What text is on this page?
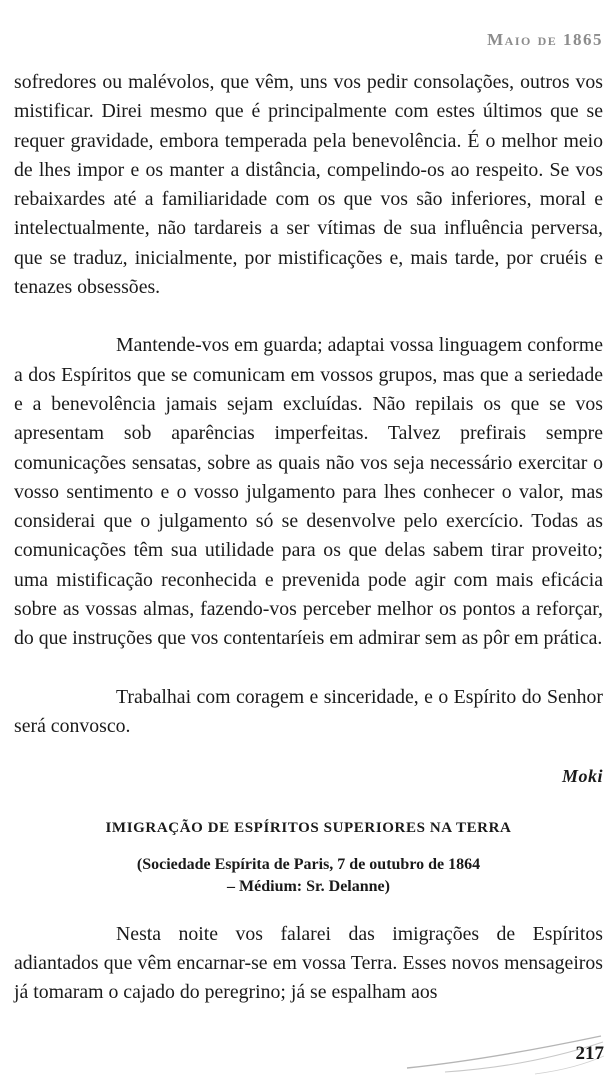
Maio de 1865

sofredores ou malévolos, que vêm, uns vos pedir consolações, outros vos mistificar. Direi mesmo que é principalmente com estes últimos que se requer gravidade, embora temperada pela benevolência. É o melhor meio de lhes impor e os manter a distância, compelindo-os ao respeito. Se vos rebaixardes até a familiaridade com os que vos são inferiores, moral e intelectualmente, não tardareis a ser vítimas de sua influência perversa, que se traduz, inicialmente, por mistificações e, mais tarde, por cruéis e tenazes obsessões.

Mantende-vos em guarda; adaptai vossa linguagem conforme a dos Espíritos que se comunicam em vossos grupos, mas que a seriedade e a benevolência jamais sejam excluídas. Não repilais os que se vos apresentam sob aparências imperfeitas. Talvez prefirais sempre comunicações sensatas, sobre as quais não vos seja necessário exercitar o vosso sentimento e o vosso julgamento para lhes conhecer o valor, mas considerai que o julgamento só se desenvolve pelo exercício. Todas as comunicações têm sua utilidade para os que delas sabem tirar proveito; uma mistificação reconhecida e prevenida pode agir com mais eficácia sobre as vossas almas, fazendo-vos perceber melhor os pontos a reforçar, do que instruções que vos contentaríeis em admirar sem as pôr em prática.

Trabalhai com coragem e sinceridade, e o Espírito do Senhor será convosco.

Moki

IMIGRAÇÃO DE ESPÍRITOS SUPERIORES NA TERRA

(Sociedade Espírita de Paris, 7 de outubro de 1864
– Médium: Sr. Delanne)

Nesta noite vos falarei das imigrações de Espíritos adiantados que vêm encarnar-se em vossa Terra. Esses novos mensageiros já tomaram o cajado do peregrino; já se espalham aos

217
